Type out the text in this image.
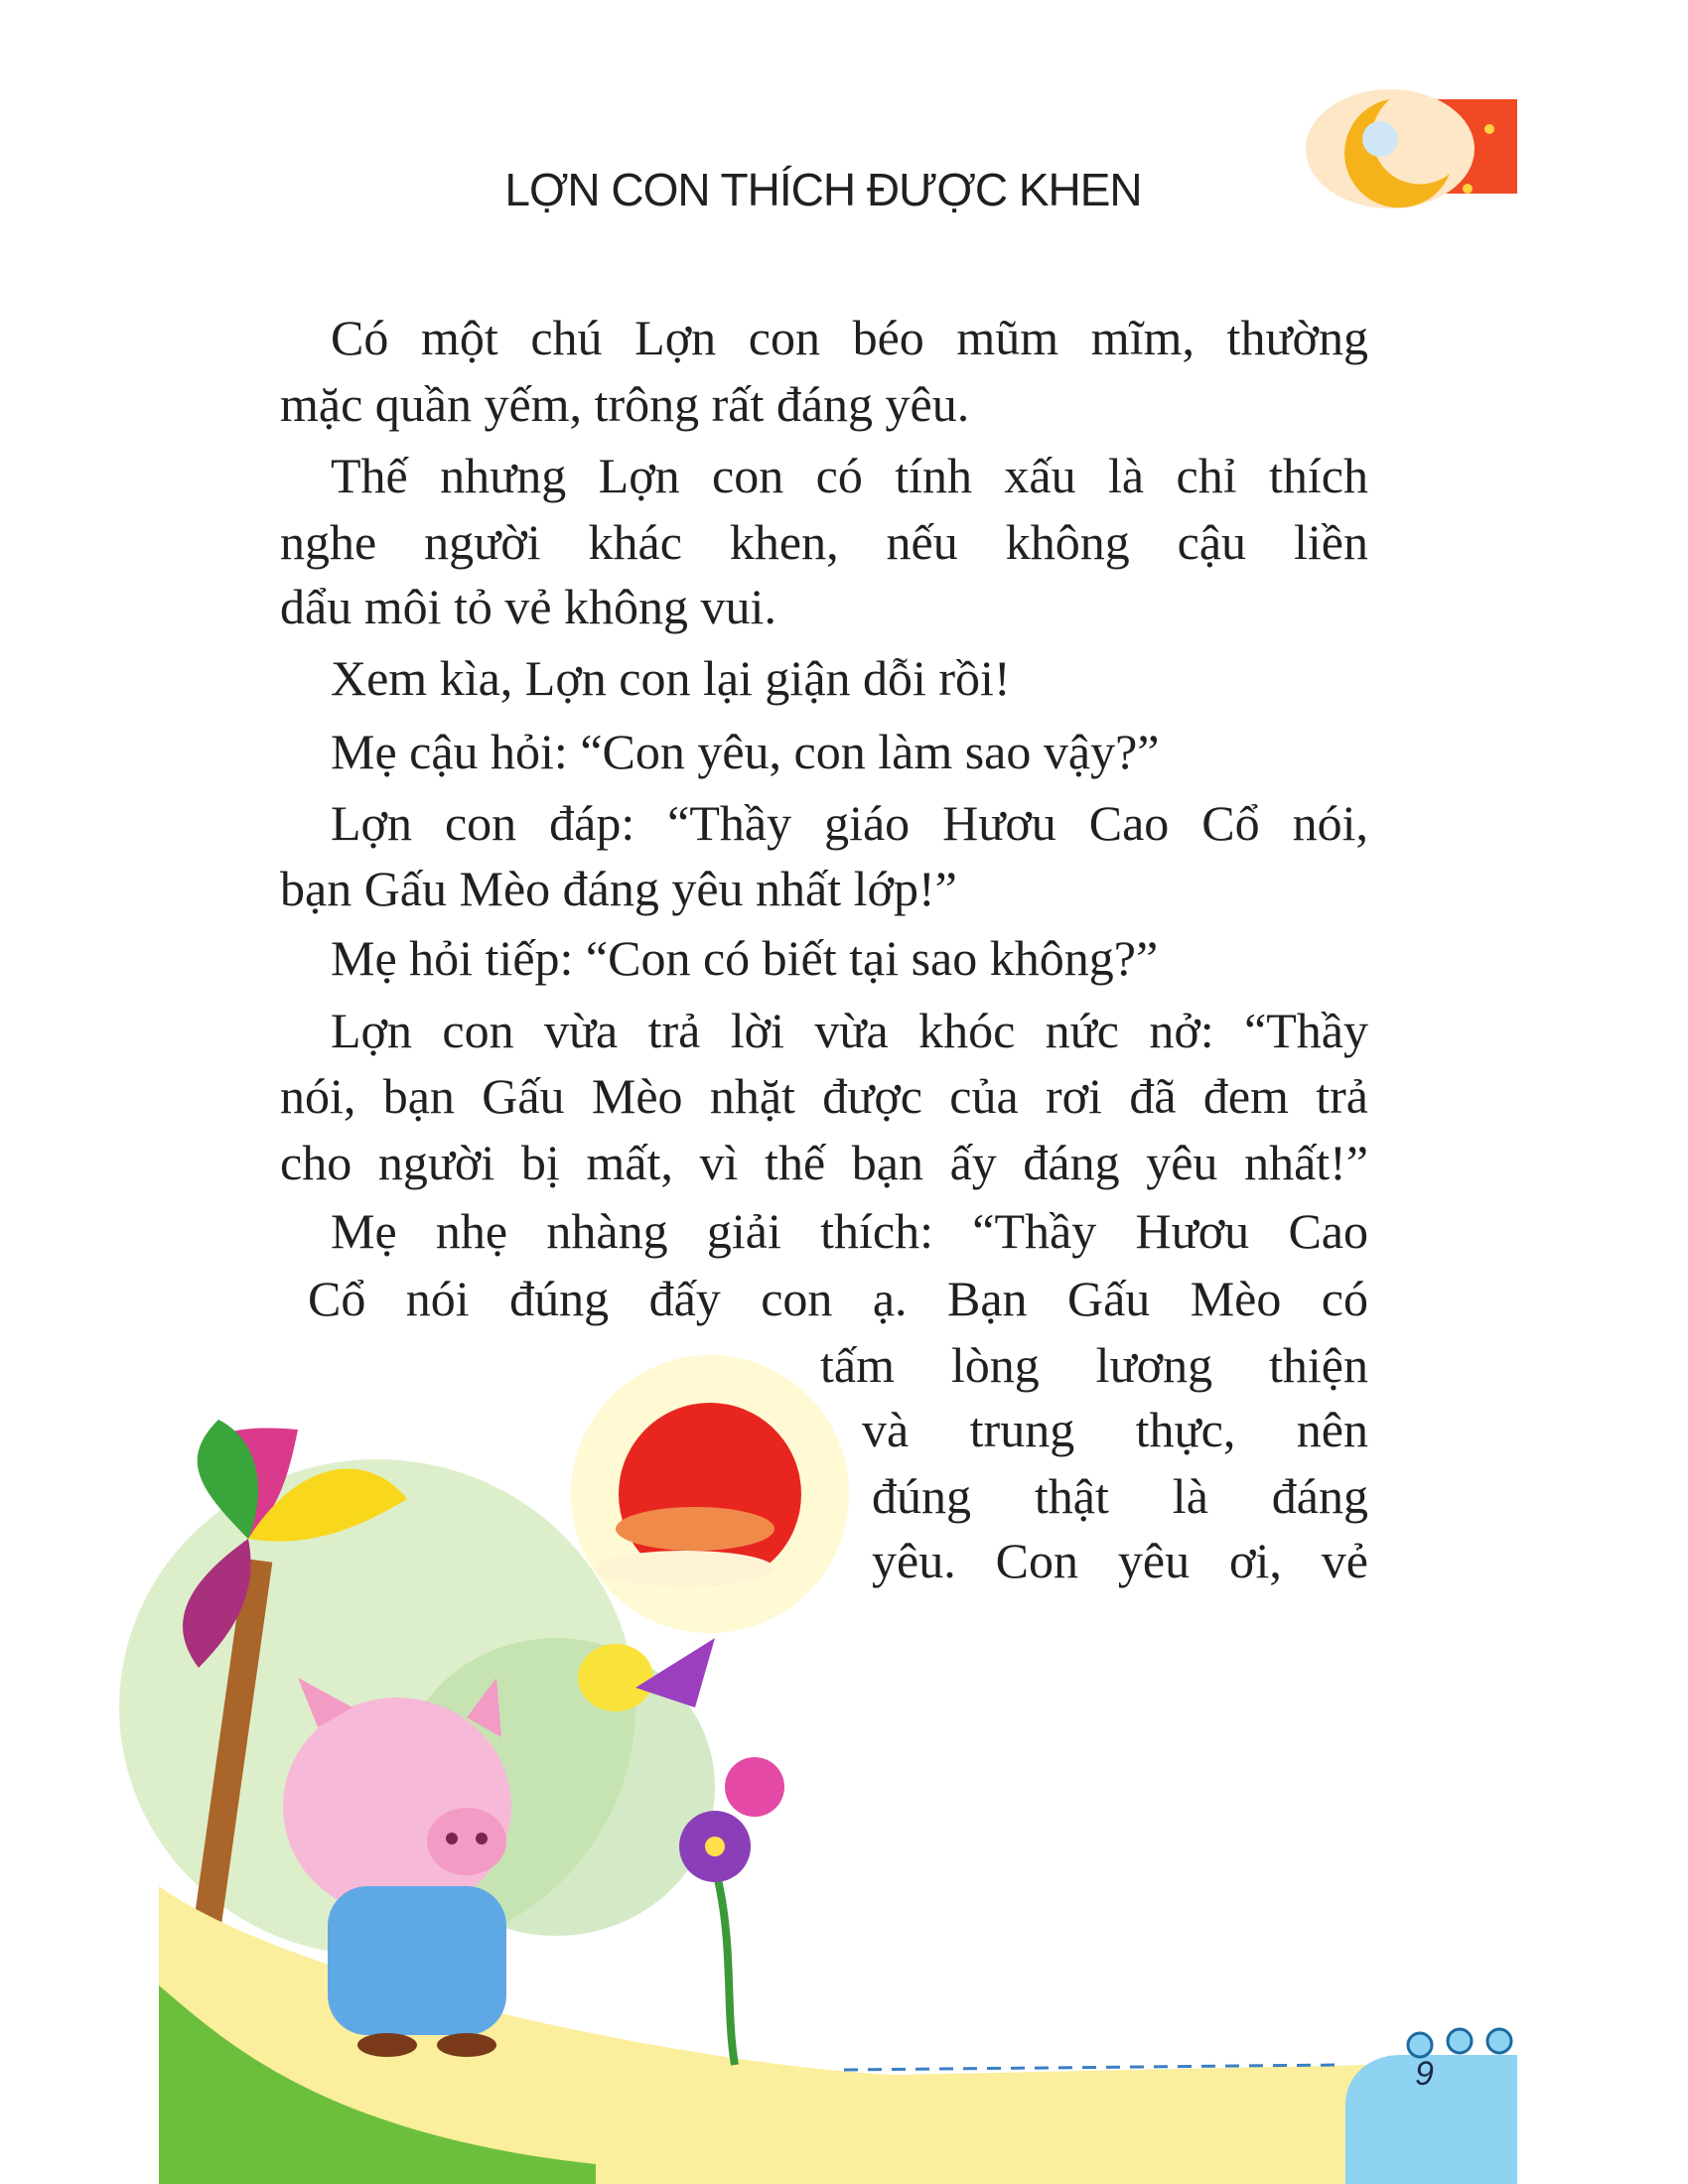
LỢN CON THÍCH ĐƯỢC KHEN
Có một chú Lợn con béo mũm mĩm, thường
mặc quần yếm, trông rất đáng yêu.
Thế nhưng Lợn con có tính xấu là chỉ thích
nghe người khác khen, nếu không cậu liền
dẩu môi tỏ vẻ không vui.
Xem kìa, Lợn con lại giận dỗi rồi!
Mẹ cậu hỏi: “Con yêu, con làm sao vậy?”
Lợn con đáp: “Thầy giáo Hươu Cao Cổ nói,
bạn Gấu Mèo đáng yêu nhất lớp!”
Mẹ hỏi tiếp: “Con có biết tại sao không?”
Lợn con vừa trả lời vừa khóc nức nở: “Thầy
nói, bạn Gấu Mèo nhặt được của rơi đã đem trả
cho người bị mất, vì thế bạn ấy đáng yêu nhất!”
Mẹ nhẹ nhàng giải thích: “Thầy Hươu Cao
Cổ nói đúng đấy con ạ. Bạn Gấu Mèo có
tấm lòng lương thiện
và trung thực, nên
đúng thật là đáng
yêu. Con yêu ơi, vẻ
9
